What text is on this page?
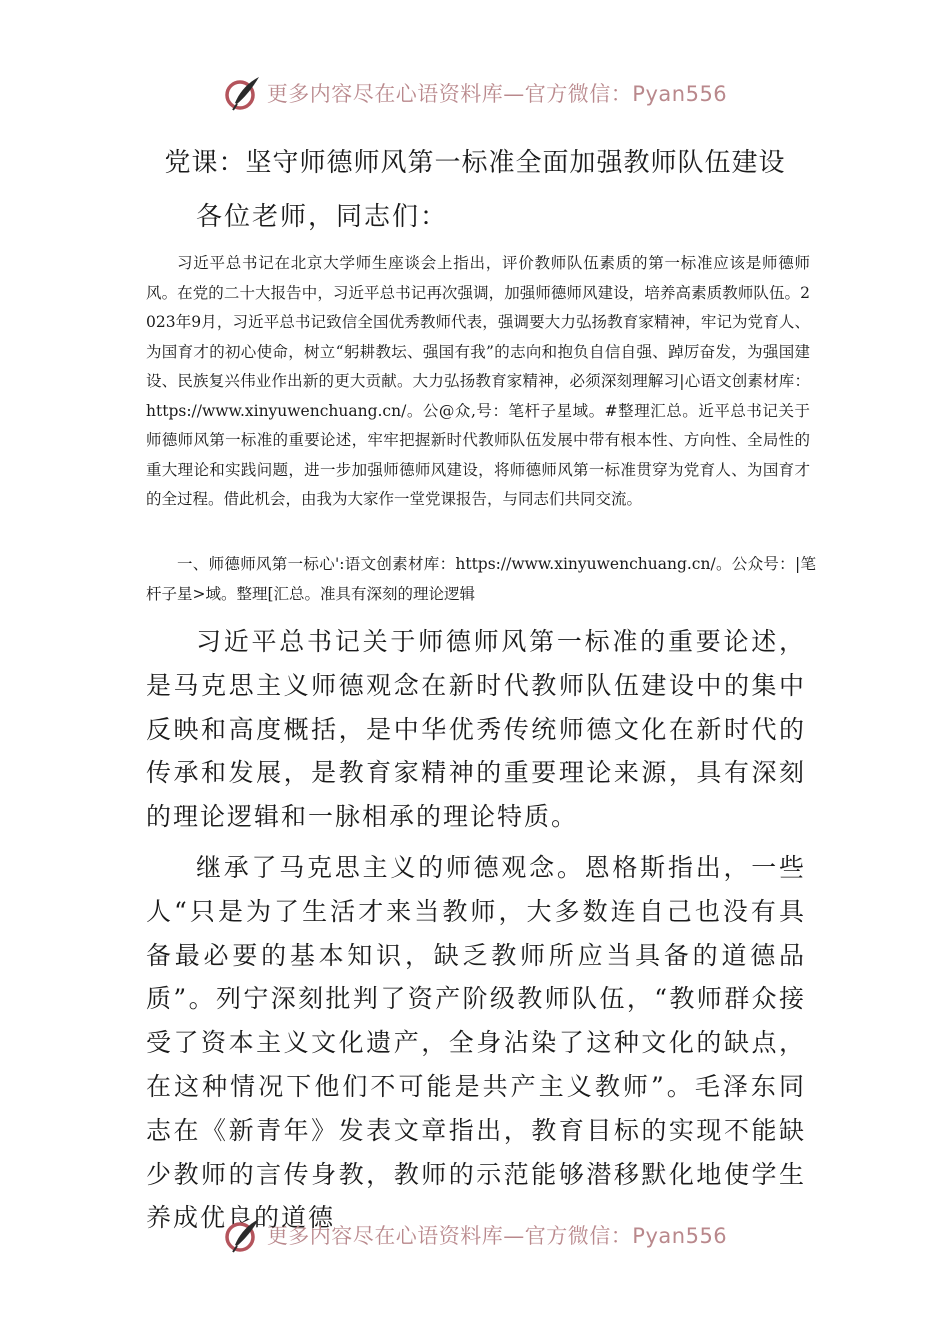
更多内容尽在心语资料库—官方微信：Pyan556
党课：坚守师德师风第一标准全面加强教师队伍建设
各位老师，同志们：
习近平总书记在北京大学师生座谈会上指出，评价教师队伍素质的第一标准应该是师德师风。在党的二十大报告中，习近平总书记再次强调，加强师德师风建设，培养高素质教师队伍。2023年9月，习近平总书记致信全国优秀教师代表，强调要大力弘扬教育家精神，牢记为党育人、为国育才的初心使命，树立“躬耕教坛、强国有我”的志向和抱负自信自强、踔厉奋发，为强国建设、民族复兴伟业作出新的更大贡献。大力弘扬教育家精神，必须深刻理解习|心语文创素材库：https://www.xinyuwenchuang.cn/。公@众,号：笔杆子星域。#整理汇总。近平总书记关于师德师风第一标准的重要论述，牢牢把握新时代教师队伍发展中带有根本性、方向性、全局性的重大理论和实践问题，进一步加强师德师风建设，将师德师风第一标准贯穿为党育人、为国育才的全过程。借此机会，由我为大家作一堂党课报告，与同志们共同交流。
一、师德师风第一标心':语文创素材库：https://www.xinyuwenchuang.cn/。公众号：|笔杆子星>域。整理[汇总。准具有深刻的理论逻辑
习近平总书记关于师德师风第一标准的重要论述，是马克思主义师德观念在新时代教师队伍建设中的集中反映和高度概括，是中华优秀传统师德文化在新时代的传承和发展，是教育家精神的重要理论来源，具有深刻的理论逻辑和一脉相承的理论特质。
继承了马克思主义的师德观念。恩格斯指出，一些人“只是为了生活才来当教师，大多数连自己也没有具备最必要的基本知识，缺乏教师所应当具备的道德品质”。列宁深刻批判了资产阶级教师队伍，“教师群众接受了资本主义文化遗产，全身沾染了这种文化的缺点，在这种情况下他们不可能是共产主义教师”。毛泽东同志在《新青年》发表文章指出，教育目标的实现不能缺少教师的言传身教，教师的示范能够潜移默化地使学生养成优良的道德
更多内容尽在心语资料库—官方微信：Pyan556
